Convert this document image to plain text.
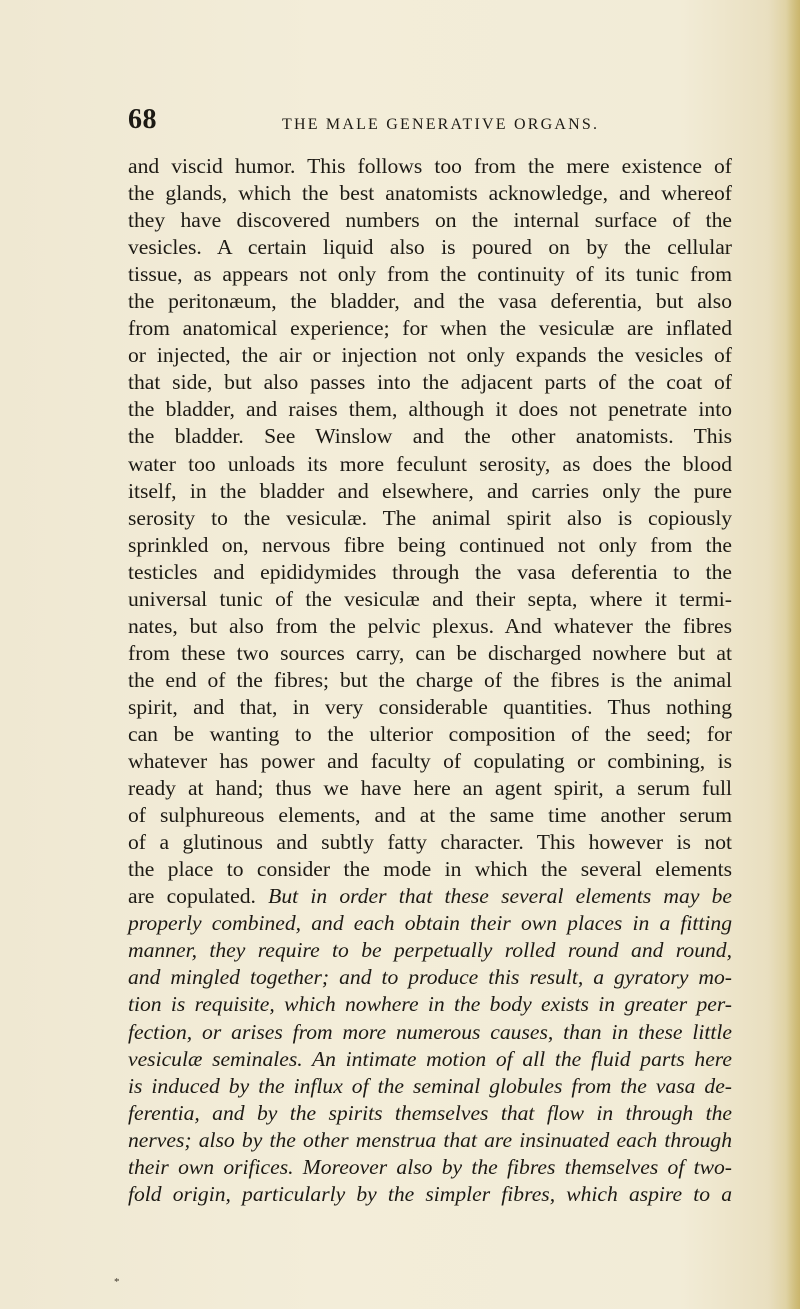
68	THE MALE GENERATIVE ORGANS.
and viscid humor. This follows too from the mere existence of
the glands, which the best anatomists acknowledge, and whereof
they have discovered numbers on the internal surface of the
vesicles. A certain liquid also is poured on by the cellular
tissue, as appears not only from the continuity of its tunic from
the peritonæum, the bladder, and the vasa deferentia, but also
from anatomical experience; for when the vesiculæ are inflated
or injected, the air or injection not only expands the vesicles of
that side, but also passes into the adjacent parts of the coat of
the bladder, and raises them, although it does not penetrate into
the bladder. See Winslow and the other anatomists. This
water too unloads its more feculunt serosity, as does the blood
itself, in the bladder and elsewhere, and carries only the pure
serosity to the vesiculæ. The animal spirit also is copiously
sprinkled on, nervous fibre being continued not only from the
testicles and epididymides through the vasa deferentia to the
universal tunic of the vesiculæ and their septa, where it termi-
nates, but also from the pelvic plexus. And whatever the fibres
from these two sources carry, can be discharged nowhere but at
the end of the fibres; but the charge of the fibres is the animal
spirit, and that, in very considerable quantities. Thus nothing
can be wanting to the ulterior composition of the seed; for
whatever has power and faculty of copulating or combining, is
ready at hand; thus we have here an agent spirit, a serum full
of sulphureous elements, and at the same time another serum
of a glutinous and subtly fatty character. This however is not
the place to consider the mode in which the several elements
are copulated. But in order that these several elements may be
properly combined, and each obtain their own places in a fitting
manner, they require to be perpetually rolled round and round,
and mingled together; and to produce this result, a gyratory mo-
tion is requisite, which nowhere in the body exists in greater per-
fection, or arises from more numerous causes, than in these little
vesiculæ seminales. An intimate motion of all the fluid parts here
is induced by the influx of the seminal globules from the vasa de-
ferentia, and by the spirits themselves that flow in through the
nerves; also by the other menstrua that are insinuated each through
their own orifices. Moreover also by the fibres themselves of two-
fold origin, particularly by the simpler fibres, which aspire to a
*
